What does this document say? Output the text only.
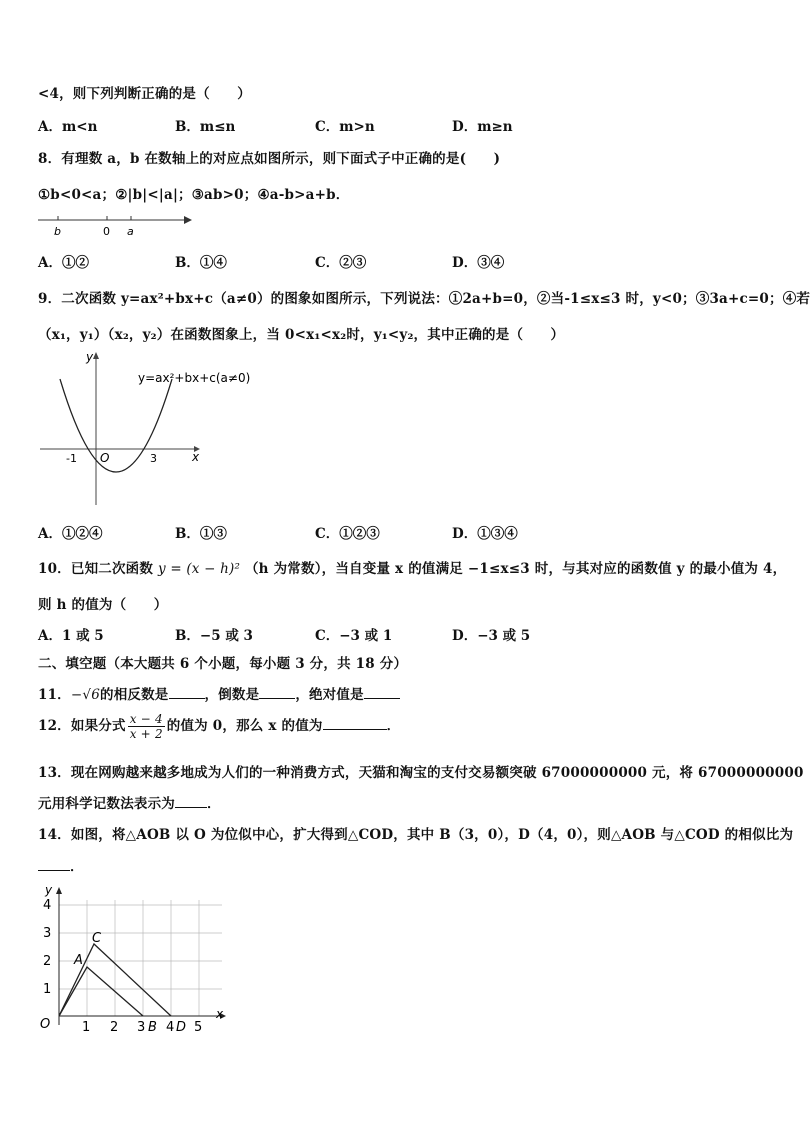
<4，则下列判断正确的是（　　）
A．m<n	B．m≤n	C．m>n	D．m≥n
8．有理数 a，b 在数轴上的对应点如图所示，则下面式子中正确的是(　　)
①b<0<a；②|b|<|a|；③ab>0；④a-b>a+b．
b	0 a
A．①②	B．①④	C．②③	D．③④
9．二次函数 y=ax²+bx+c（a≠0）的图象如图所示，下列说法：①2a+b=0，②当-1≤x≤3 时，y<0；③3a+c=0；④若
（x₁，y₁）（x₂，y₂）在函数图象上，当 0<x₁<x₂时，y₁<y₂，其中正确的是（　　）
y
x
O
-1	3
y=ax²+bx+c(a≠0)
A．①②④	B．①③	C．①②③	D．①③④
10．已知二次函数 y = (x − h)² （h 为常数），当自变量 x 的值满足 −1≤x≤3 时，与其对应的函数值 y 的最小值为 4，
则 h 的值为（　　）
A．1 或 5	B．−5 或 3	C．−3 或 1	D．−3 或 5
二、填空题（本大题共 6 个小题，每小题 3 分，共 18 分）
11．−√6的相反数是	，倒数是	，绝对值是
12．如果分式 $\frac{x - 4}{x + 2}$ 的值为 0，那么 x 的值为	．
13．现在网购越来越多地成为人们的一种消费方式，天猫和淘宝的支付交易额突破 67000000000 元，将 67000000000
元用科学记数法表示为 ．
14．如图，将△AOB 以 O 为位似中心，扩大得到△COD，其中 B（3，0），D（4，0），则△AOB 与△COD 的相似比为
．
y
x
O
A
C
B D
1 2 3 4 5
1
2
3
4
